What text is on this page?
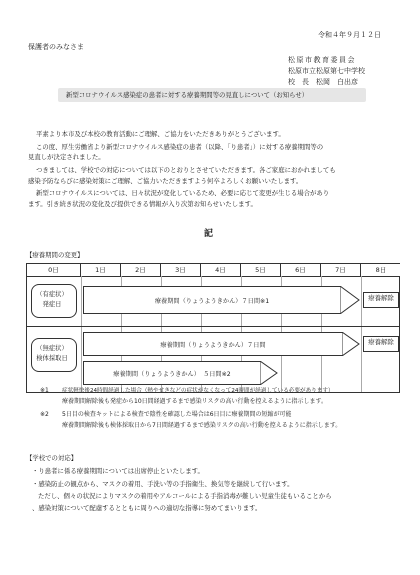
令和４年９月１２日
保護者のみなさま
松原市教育委員会
松原市立松原第七中学校
校　長　松岡　白出彦
新型コロナウイルス感染症の患者に対する療養期間等の見直しについて（お知らせ）
平素より本市及び本校の教育活動にご理解、ご協力をいただきありがとうございます。
この度、厚生労働省より新型コロナウイルス感染症の患者（以降、「り患者」）に対する療養期間等の
見直しが決定されました。
つきましては、学校での対応については以下のとおりとさせていただきます。各ご家庭におかれましても
感染予防ならびに感染対策にご理解、ご協力いただきますよう何卒よろしくお願いいたします。
新型コロナウイルスについては、日々状況が変化しているため、必要に応じて変更が生じる場合があり
ます。引き続き状況の変化及び提供できる情報が入り次第お知らせいたします。
記
【療養期間の変更】
0日	1日	2日	3日	4日	5日	6日	7日	8日
（有症状）
発症日	療養期間（りょうようきかん）７日間※1	療養解除
（無症状）
検体採取日
療養期間（りょうようきかん）７日間	療養解除
療養期間（りょうようきかん）　５日間※2
※1 症状軽快後24時間経過した場合（熱やせきなどの症状がなくなって24時間が経過している必要があります）
療養期間解除後も発症から10日間経過するまで感染リスクの高い行動を控えるように指示します。
※2 5日目の検査キットによる検査で陰性を確認した場合は6日目に療養期間の短縮が可能
療養期間解除後も検体採取日から7日間経過するまで感染リスクの高い行動を控えるように指示します。
【学校での対応】
・り患者に係る療養期間については出席停止といたします。
・感染防止の観点から、マスクの着用、手洗い等の手指衛生、換気等を継続して行います。
ただし、個々の状況によりマスクの着用やアルコールによる手指消毒が難しい児童生徒もいることから
、感染対策について配慮するとともに周りへの適切な指導に努めてまいります。
